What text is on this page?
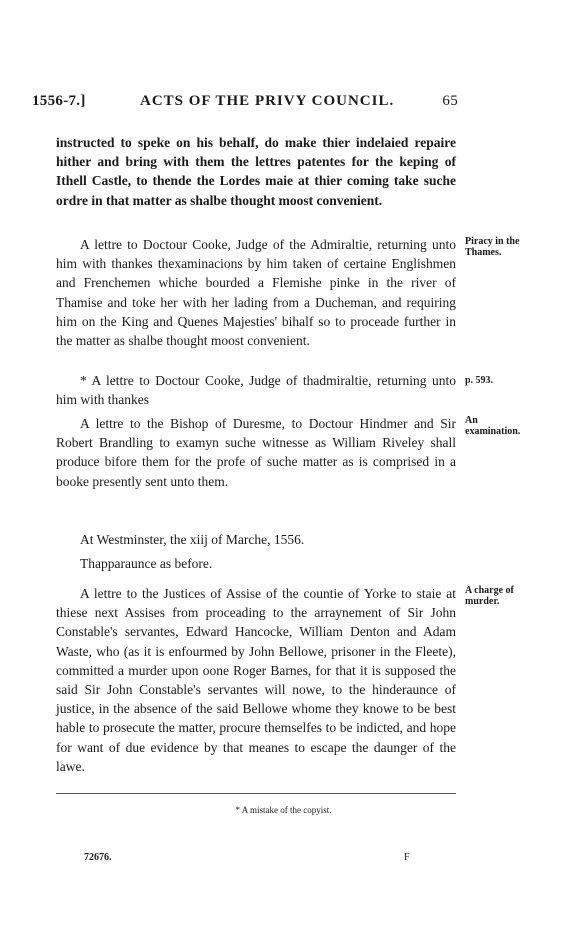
1556-7.]	ACTS OF THE PRIVY COUNCIL.	65
instructed to speke on his behalf, do make thier indelaied repaire hither and bring with them the lettres patentes for the keping of Ithell Castle, to thende the Lordes maie at thier coming take suche ordre in that matter as shalbe thought moost convenient.
A lettre to Doctour Cooke, Judge of the Admiraltie, returning unto him with thankes thexaminacions by him taken of certaine Englishmen and Frenchemen whiche bourded a Flemishe pinke in the river of Thamise and toke her with her lading from a Ducheman, and requiring him on the King and Quenes Majesties' bihalf so to proceade further in the matter as shalbe thought moost convenient.
Piracy in the Thames.
* A lettre to Doctour Cooke, Judge of thadmiraltie, returning unto him with thankes
p. 593.
A lettre to the Bishop of Duresme, to Doctour Hindmer and Sir Robert Brandling to examyn suche witnesse as William Riveley shall produce bifore them for the profe of suche matter as is comprised in a booke presently sent unto them.
An examination.
At Westminster, the xiij of Marche, 1556.
Thapparaunce as before.
A lettre to the Justices of Assise of the countie of Yorke to staie at thiese next Assises from proceading to the arraynement of Sir John Constable's servantes, Edward Hancocke, William Denton and Adam Waste, who (as it is enfourmed by John Bellowe, prisoner in the Fleete), committed a murder upon oone Roger Barnes, for that it is supposed the said Sir John Constable's servantes will nowe, to the hinderaunce of justice, in the absence of the said Bellowe whome they knowe to be best hable to prosecute the matter, procure themselfes to be indicted, and hope for want of due evidence by that meanes to escape the daunger of the lawe.
A charge of murder.
* A mistake of the copyist.
72676.	F
